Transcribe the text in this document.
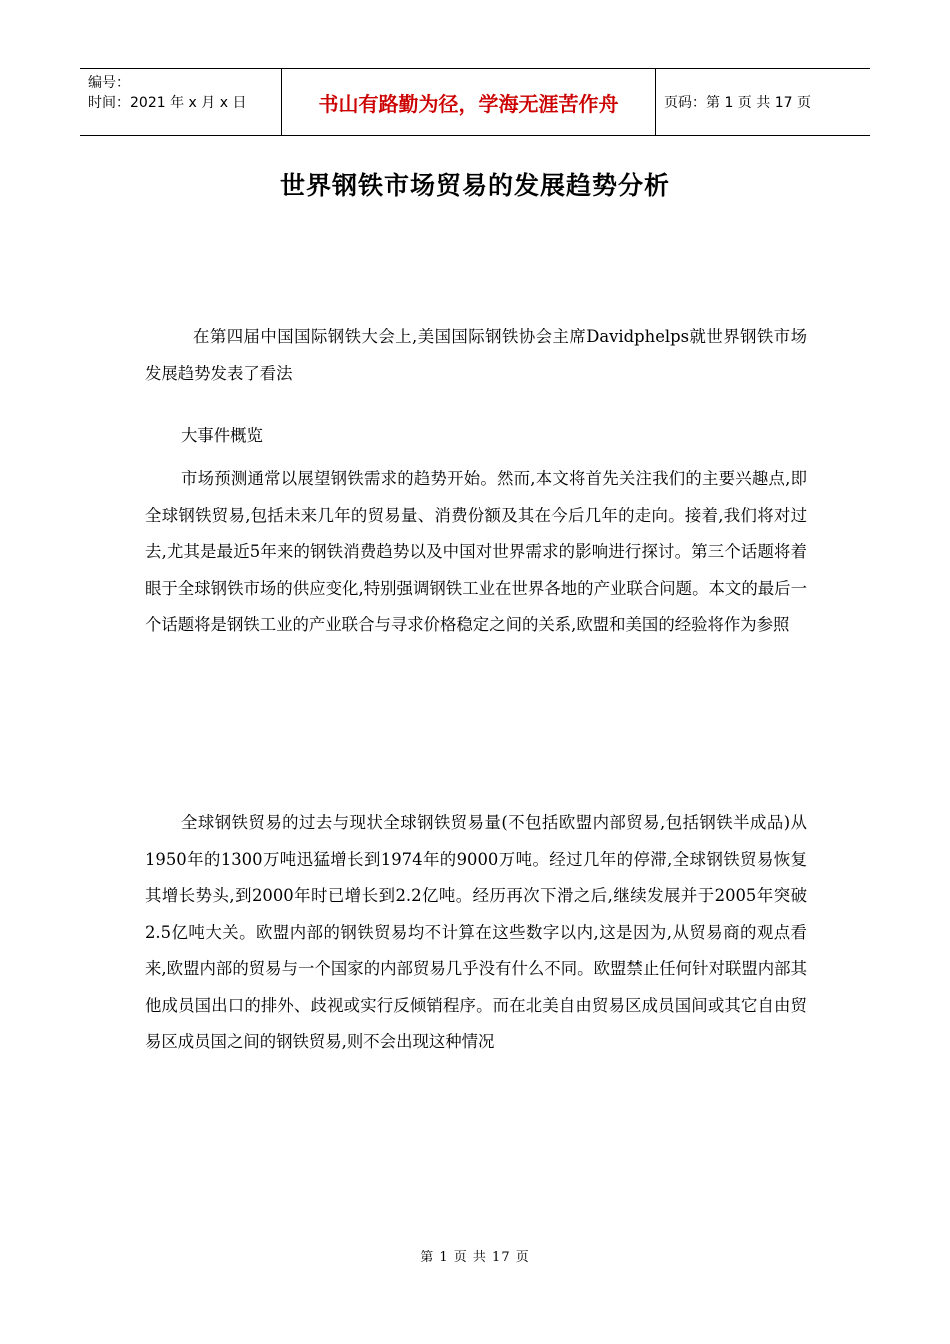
编号：
时间：2021 年 x 月 x 日	书山有路勤为径，学海无涯苦作舟	页码：第 1 页 共 17 页
世界钢铁市场贸易的发展趋势分析

在第四届中国国际钢铁大会上,美国国际钢铁协会主席Davidphelps就世界钢铁市场发展趋势发表了看法

大事件概览

市场预测通常以展望钢铁需求的趋势开始。然而,本文将首先关注我们的主要兴趣点,即全球钢铁贸易,包括未来几年的贸易量、消费份额及其在今后几年的走向。接着,我们将对过去,尤其是最近5年来的钢铁消费趋势以及中国对世界需求的影响进行探讨。第三个话题将着眼于全球钢铁市场的供应变化,特别强调钢铁工业在世界各地的产业联合问题。本文的最后一个话题将是钢铁工业的产业联合与寻求价格稳定之间的关系,欧盟和美国的经验将作为参照

全球钢铁贸易的过去与现状全球钢铁贸易量(不包括欧盟内部贸易,包括钢铁半成品)从1950年的1300万吨迅猛增长到1974年的9000万吨。经过几年的停滞,全球钢铁贸易恢复其增长势头,到2000年时已增长到2.2亿吨。经历再次下滑之后,继续发展并于2005年突破2.5亿吨大关。欧盟内部的钢铁贸易均不计算在这些数字以内,这是因为,从贸易商的观点看来,欧盟内部的贸易与一个国家的内部贸易几乎没有什么不同。欧盟禁止任何针对联盟内部其他成员国出口的排外、歧视或实行反倾销程序。而在北美自由贸易区成员国间或其它自由贸易区成员国之间的钢铁贸易,则不会出现这种情况

第 1 页 共 17 页
